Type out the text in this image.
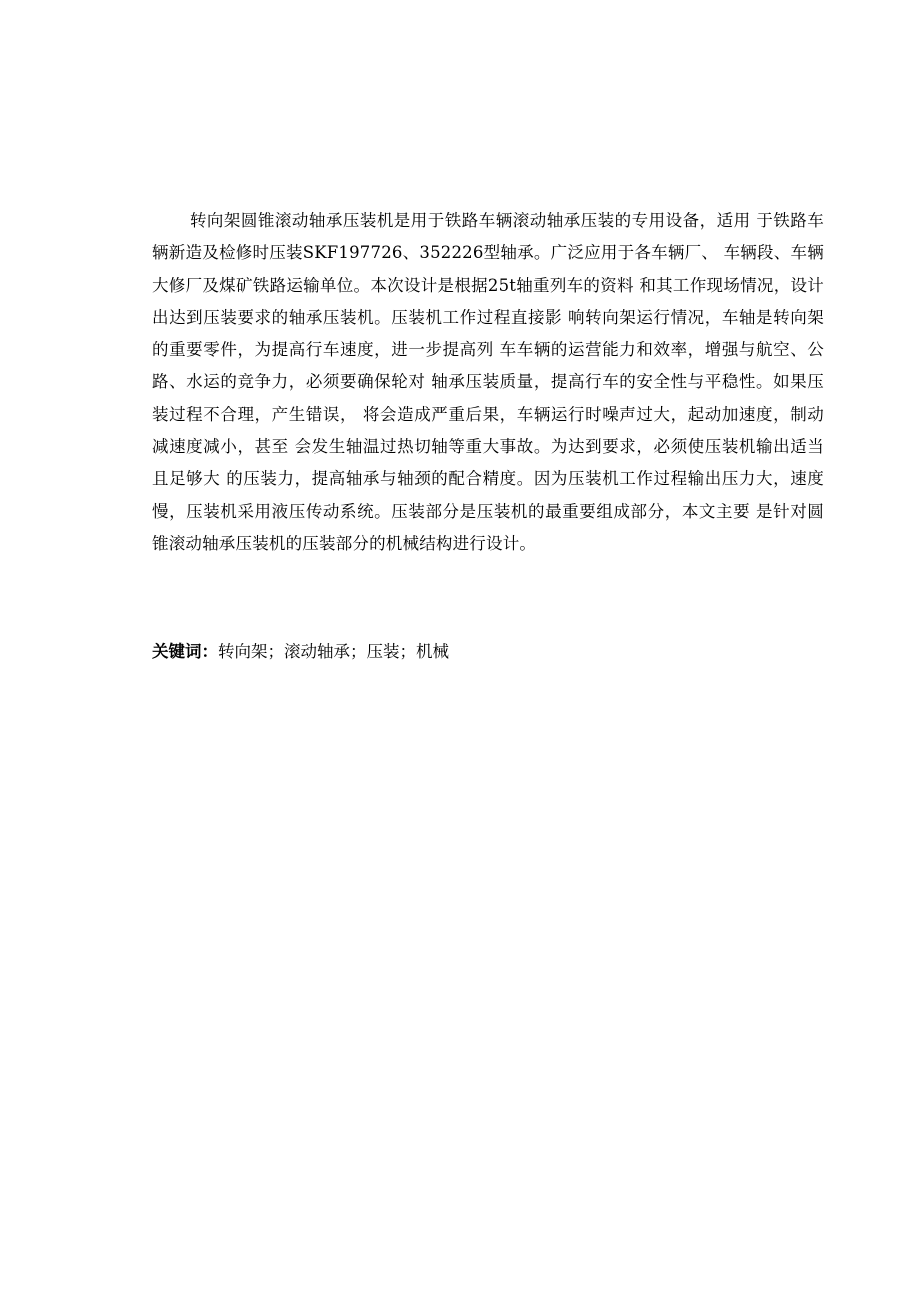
转向架圆锥滚动轴承压装机是用于铁路车辆滚动轴承压装的专用设备，适用 于铁路车辆新造及检修时压装SKF197726、352226型轴承。广泛应用于各车辆厂、 车辆段、车辆大修厂及煤矿铁路运输单位。本次设计是根据25t轴重列车的资料 和其工作现场情况，设计出达到压装要求的轴承压装机。压装机工作过程直接影 响转向架运行情况，车轴是转向架的重要零件，为提高行车速度，进一步提高列 车车辆的运营能力和效率，增强与航空、公路、水运的竞争力，必须要确保轮对 轴承压装质量，提高行车的安全性与平稳性。如果压装过程不合理，产生错误， 将会造成严重后果，车辆运行时噪声过大，起动加速度，制动减速度减小，甚至 会发生轴温过热切轴等重大事故。为达到要求，必须使压装机输出适当且足够大 的压装力，提高轴承与轴颈的配合精度。因为压装机工作过程输出压力大，速度 慢，压装机采用液压传动系统。压装部分是压装机的最重要组成部分，本文主要 是针对圆锥滚动轴承压装机的压装部分的机械结构进行设计。

关键词：转向架；滚动轴承；压装；机械
